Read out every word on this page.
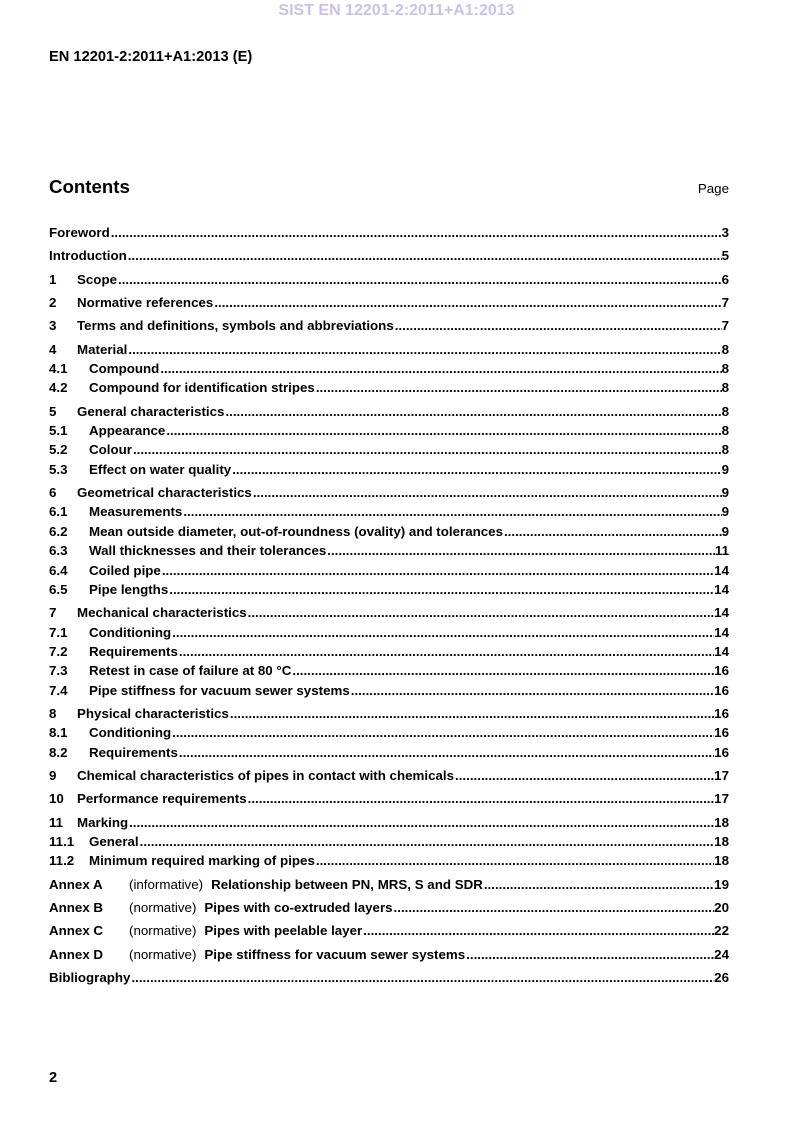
SIST EN 12201-2:2011+A1:2013
EN 12201-2:2011+A1:2013 (E)
Contents	Page
Foreword .....	3
Introduction .....	5
1	Scope .....	6
2	Normative references .....	7
3	Terms and definitions, symbols and abbreviations .....	7
4	Material .....	8
4.1	Compound .....	8
4.2	Compound for identification stripes .....	8
5	General characteristics .....	8
5.1	Appearance .....	8
5.2	Colour .....	8
5.3	Effect on water quality .....	9
6	Geometrical characteristics .....	9
6.1	Measurements .....	9
6.2	Mean outside diameter, out-of-roundness (ovality) and tolerances .....	9
6.3	Wall thicknesses and their tolerances .....	11
6.4	Coiled pipe .....	14
6.5	Pipe lengths .....	14
7	Mechanical characteristics .....	14
7.1	Conditioning .....	14
7.2	Requirements .....	14
7.3	Retest in case of failure at 80 °C .....	16
7.4	Pipe stiffness for vacuum sewer systems .....	16
8	Physical characteristics .....	16
8.1	Conditioning .....	16
8.2	Requirements .....	16
9	Chemical characteristics of pipes in contact with chemicals .....	17
10 Performance requirements .....	17
11	Marking .....	18
11.1	General .....	18
11.2	Minimum required marking of pipes .....	18
Annex A	(informative) Relationship between PN, MRS, S and SDR .....	19
Annex B	(normative) Pipes with co-extruded layers .....	20
Annex C	(normative) Pipes with peelable layer .....	22
Annex D	(normative) Pipe stiffness for vacuum sewer systems .....	24
Bibliography .....	26
2
